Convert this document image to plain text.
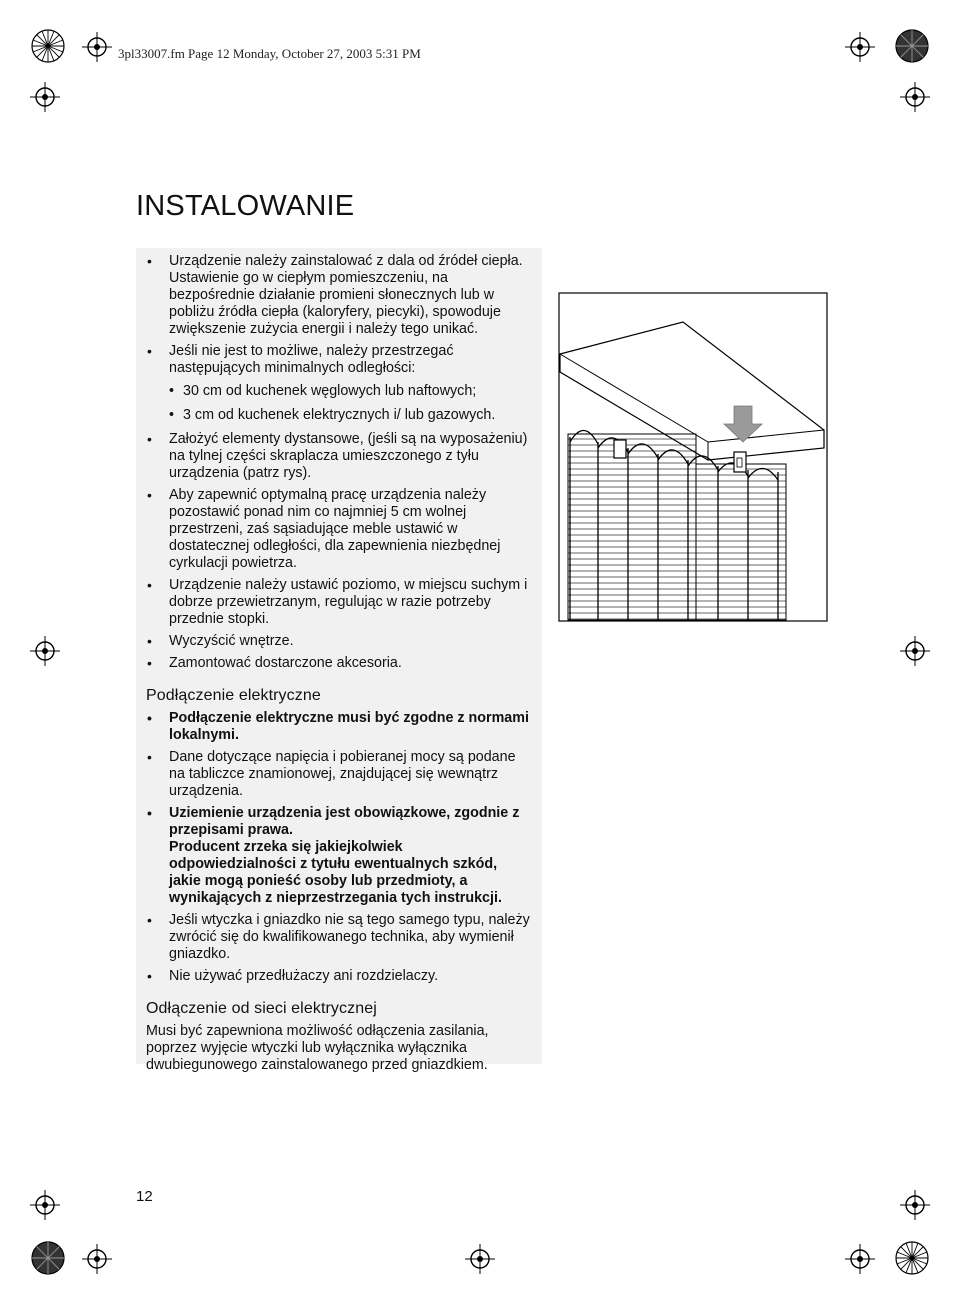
3pl33007.fm Page 12 Monday, October 27, 2003 5:31 PM
INSTALOWANIE
• Urządzenie należy zainstalować z dala od źródeł ciepła. Ustawienie go w ciepłym pomieszczeniu, na bezpośrednie działanie promieni słonecznych lub w pobliżu źródła ciepła (kaloryfery, piecyki), spowoduje zwiększenie zużycia energii i należy tego unikać.
• Jeśli nie jest to możliwe, należy przestrzegać następujących minimalnych odległości:
• 30 cm od kuchenek węglowych lub naftowych;
• 3 cm od kuchenek elektrycznych i/ lub gazowych.
• Założyć elementy dystansowe, (jeśli są na wyposażeniu) na tylnej części skraplacza umieszczonego z tyłu urządzenia (patrz rys).
• Aby zapewnić optymalną pracę urządzenia należy pozostawić ponad nim co najmniej 5 cm wolnej przestrzeni, zaś sąsiadujące meble ustawić w dostatecznej odległości, dla zapewnienia niezbędnej cyrkulacji powietrza.
• Urządzenie należy ustawić poziomo, w miejscu suchym i dobrze przewietrzanym, regulując w razie potrzeby przednie stopki.
• Wyczyścić wnętrze.
• Zamontować dostarczone akcesoria.
Podłączenie elektryczne
• Podłączenie elektryczne musi być zgodne z normami lokalnymi.
• Dane dotyczące napięcia i pobieranej mocy są podane na tabliczce znamionowej, znajdującej się wewnątrz urządzenia.
• Uziemienie urządzenia jest obowiązkowe, zgodnie z przepisami prawa.
Producent zrzeka się jakiejkolwiek odpowiedzialności z tytułu ewentualnych szkód, jakie mogą ponieść osoby lub przedmioty, a wynikających z nieprzestrzegania tych instrukcji.
• Jeśli wtyczka i gniazdko nie są tego samego typu, należy zwrócić się do kwalifikowanego technika, aby wymienił gniazdko.
• Nie używać przedłużaczy ani rozdzielaczy.
Odłączenie od sieci elektrycznej

Musi być zapewniona możliwość odłączenia zasilania, poprzez wyjęcie wtyczki lub wyłącznika wyłącznika dwubiegunowego zainstalowanego przed gniazdkiem.

12
